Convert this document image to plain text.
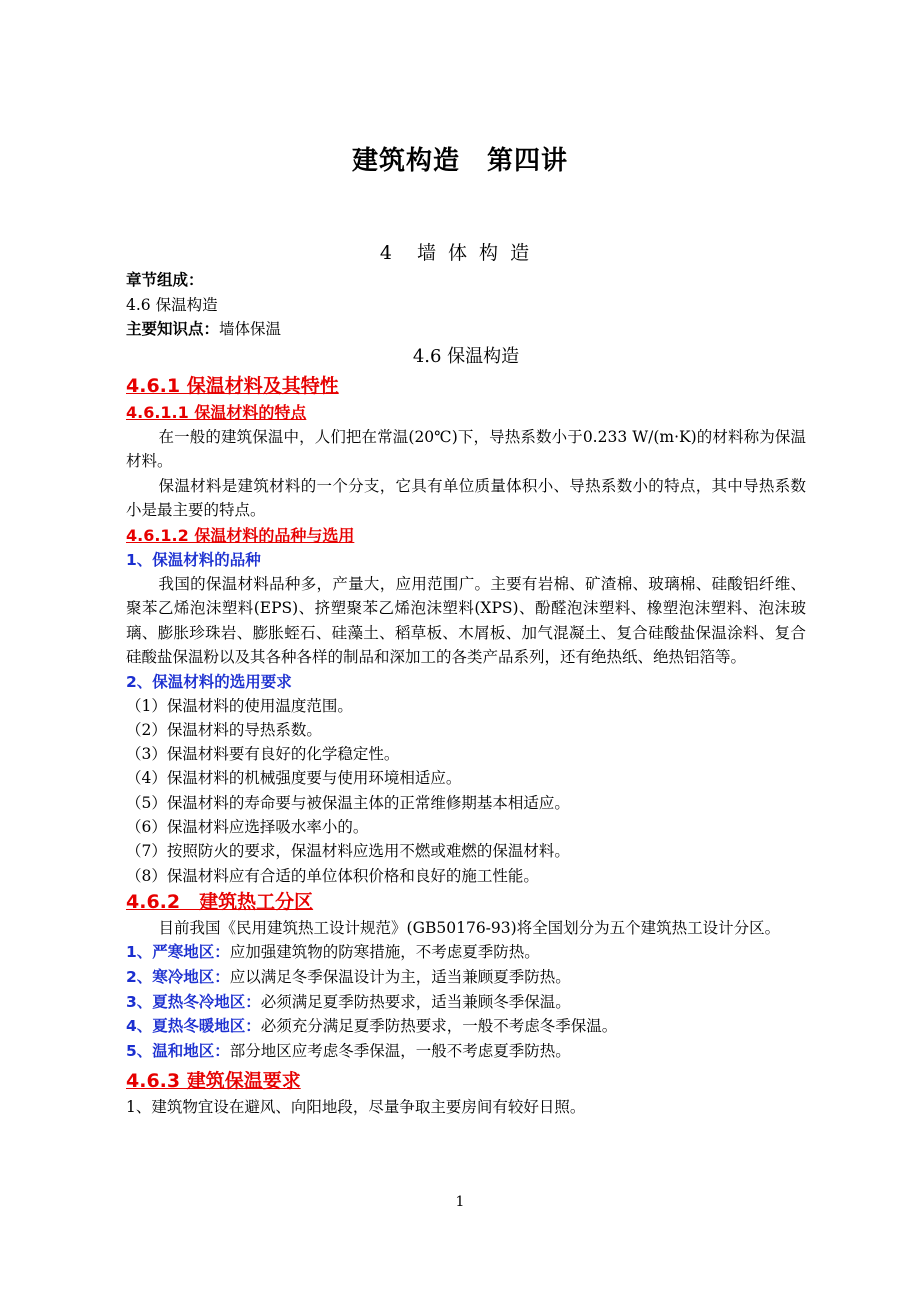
建筑构造　第四讲
4　墙 体 构 造
章节组成：
4.6 保温构造
主要知识点：墙体保温
4.6 保温构造
4.6.1 保温材料及其特性
4.6.1.1 保温材料的特点

在一般的建筑保温中，人们把在常温(20℃)下，导热系数小于0.233 W/(m·K)的材料称为保温材料。

保温材料是建筑材料的一个分支，它具有单位质量体积小、导热系数小的特点，其中导热系数小是最主要的特点。

4.6.1.2 保温材料的品种与选用
1、保温材料的品种

我国的保温材料品种多，产量大，应用范围广。主要有岩棉、矿渣棉、玻璃棉、硅酸铝纤维、聚苯乙烯泡沫塑料(EPS)、挤塑聚苯乙烯泡沫塑料(XPS)、酚醛泡沫塑料、橡塑泡沫塑料、泡沫玻璃、膨胀珍珠岩、膨胀蛭石、硅藻土、稻草板、木屑板、加气混凝土、复合硅酸盐保温涂料、复合硅酸盐保温粉以及其各种各样的制品和深加工的各类产品系列，还有绝热纸、绝热铝箔等。

2、保温材料的选用要求
（1）保温材料的使用温度范围。
（2）保温材料的导热系数。
（3）保温材料要有良好的化学稳定性。
（4）保温材料的机械强度要与使用环境相适应。
（5）保温材料的寿命要与被保温主体的正常维修期基本相适应。
（6）保温材料应选择吸水率小的。
（7）按照防火的要求，保温材料应选用不燃或难燃的保温材料。
（8）保温材料应有合适的单位体积价格和良好的施工性能。
4.6.2　建筑热工分区

目前我国《民用建筑热工设计规范》(GB50176-93)将全国划分为五个建筑热工设计分区。

1、严寒地区：应加强建筑物的防寒措施，不考虑夏季防热。
2、寒冷地区：应以满足冬季保温设计为主，适当兼顾夏季防热。
3、夏热冬冷地区：必须满足夏季防热要求，适当兼顾冬季保温。
4、夏热冬暖地区：必须充分满足夏季防热要求，一般不考虑冬季保温。
5、温和地区：部分地区应考虑冬季保温，一般不考虑夏季防热。
4.6.3 建筑保温要求
1、建筑物宜设在避风、向阳地段，尽量争取主要房间有较好日照。
1
